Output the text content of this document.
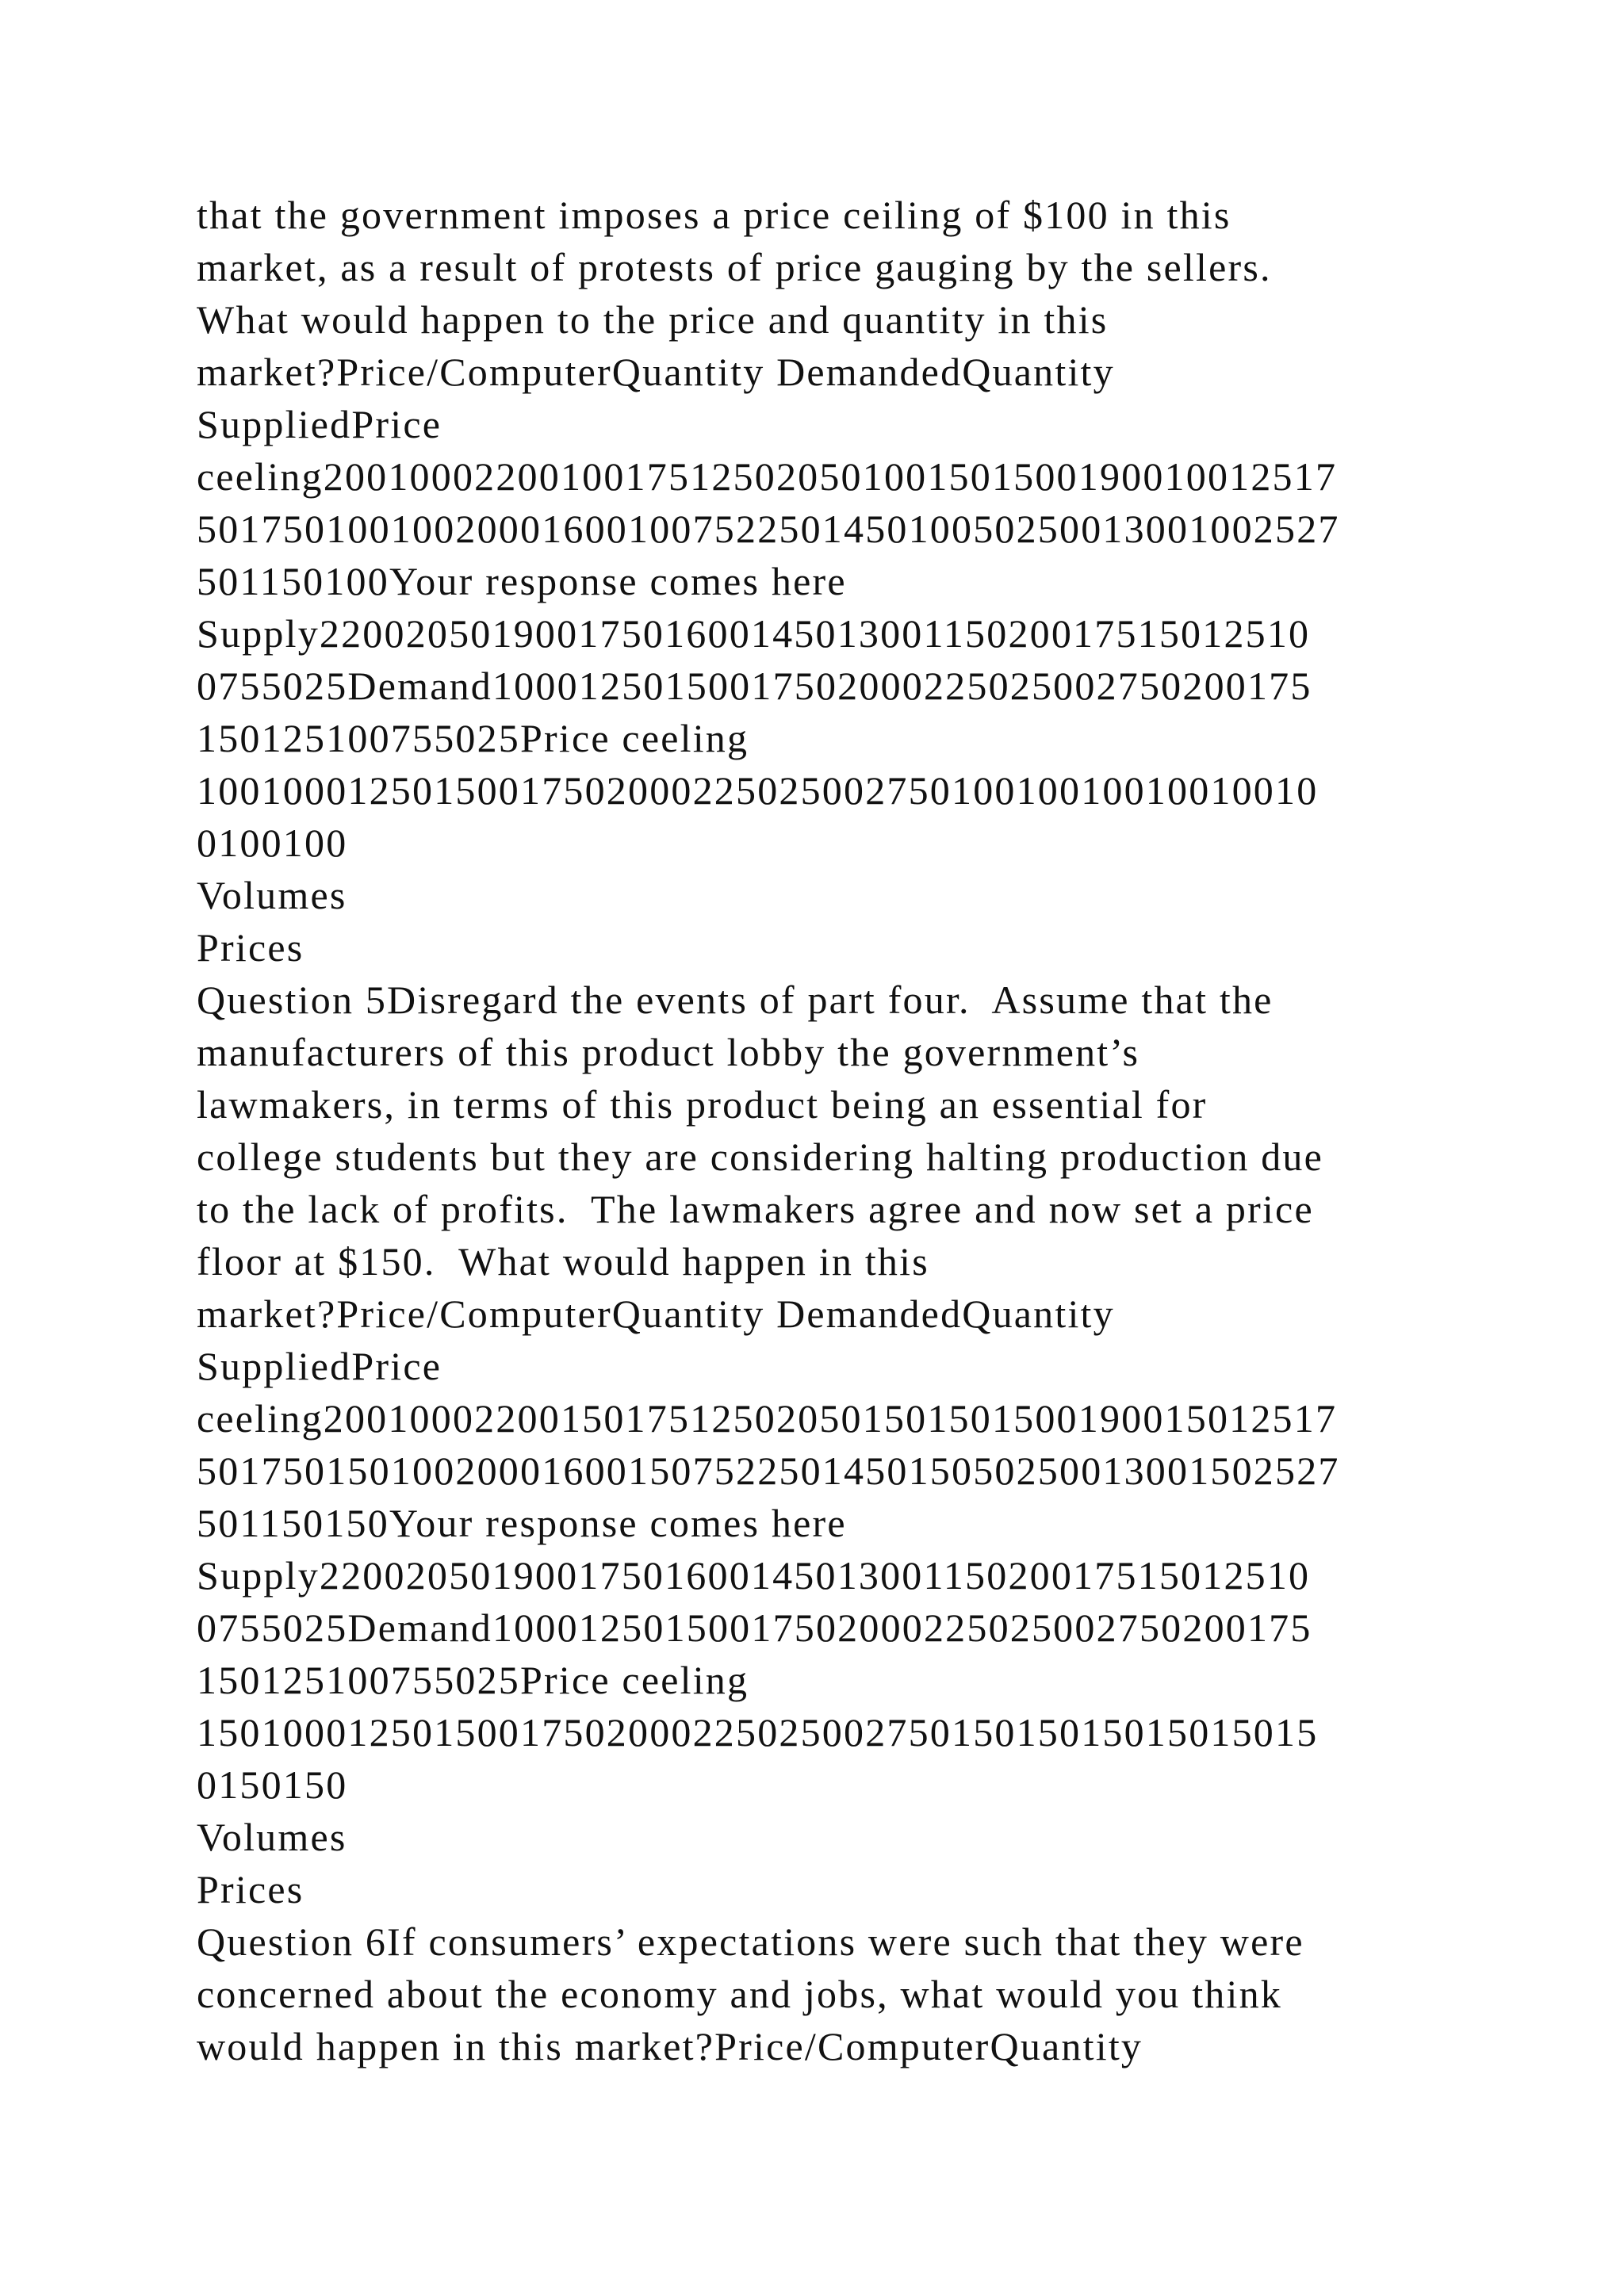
that the government imposes a price ceiling of $100 in this
market, as a result of protests of price gauging by the sellers.
What would happen to the price and quantity in this
market?Price/ComputerQuantity DemandedQuantity
SuppliedPrice
ceeling20010002200100175125020501001501500190010012517
50175010010020001600100752250145010050250013001002527
501150100Your response comes here
Supply2200205019001750160014501300115020017515012510
0755025Demand10001250150017502000225025002750200175
150125100755025Price ceeling
1001000125015001750200022502500275010010010010010010
0100100
Volumes
Prices
Question 5Disregard the events of part four.  Assume that the
manufacturers of this product lobby the government’s
lawmakers, in terms of this product being an essential for
college students but they are considering halting production due
to the lack of profits.  The lawmakers agree and now set a price
floor at $150.  What would happen in this
market?Price/ComputerQuantity DemandedQuantity
SuppliedPrice
ceeling20010002200150175125020501501501500190015012517
50175015010020001600150752250145015050250013001502527
501150150Your response comes here
Supply2200205019001750160014501300115020017515012510
0755025Demand10001250150017502000225025002750200175
150125100755025Price ceeling
1501000125015001750200022502500275015015015015015015
0150150
Volumes
Prices
Question 6If consumers’ expectations were such that they were
concerned about the economy and jobs, what would you think
would happen in this market?Price/ComputerQuantity
